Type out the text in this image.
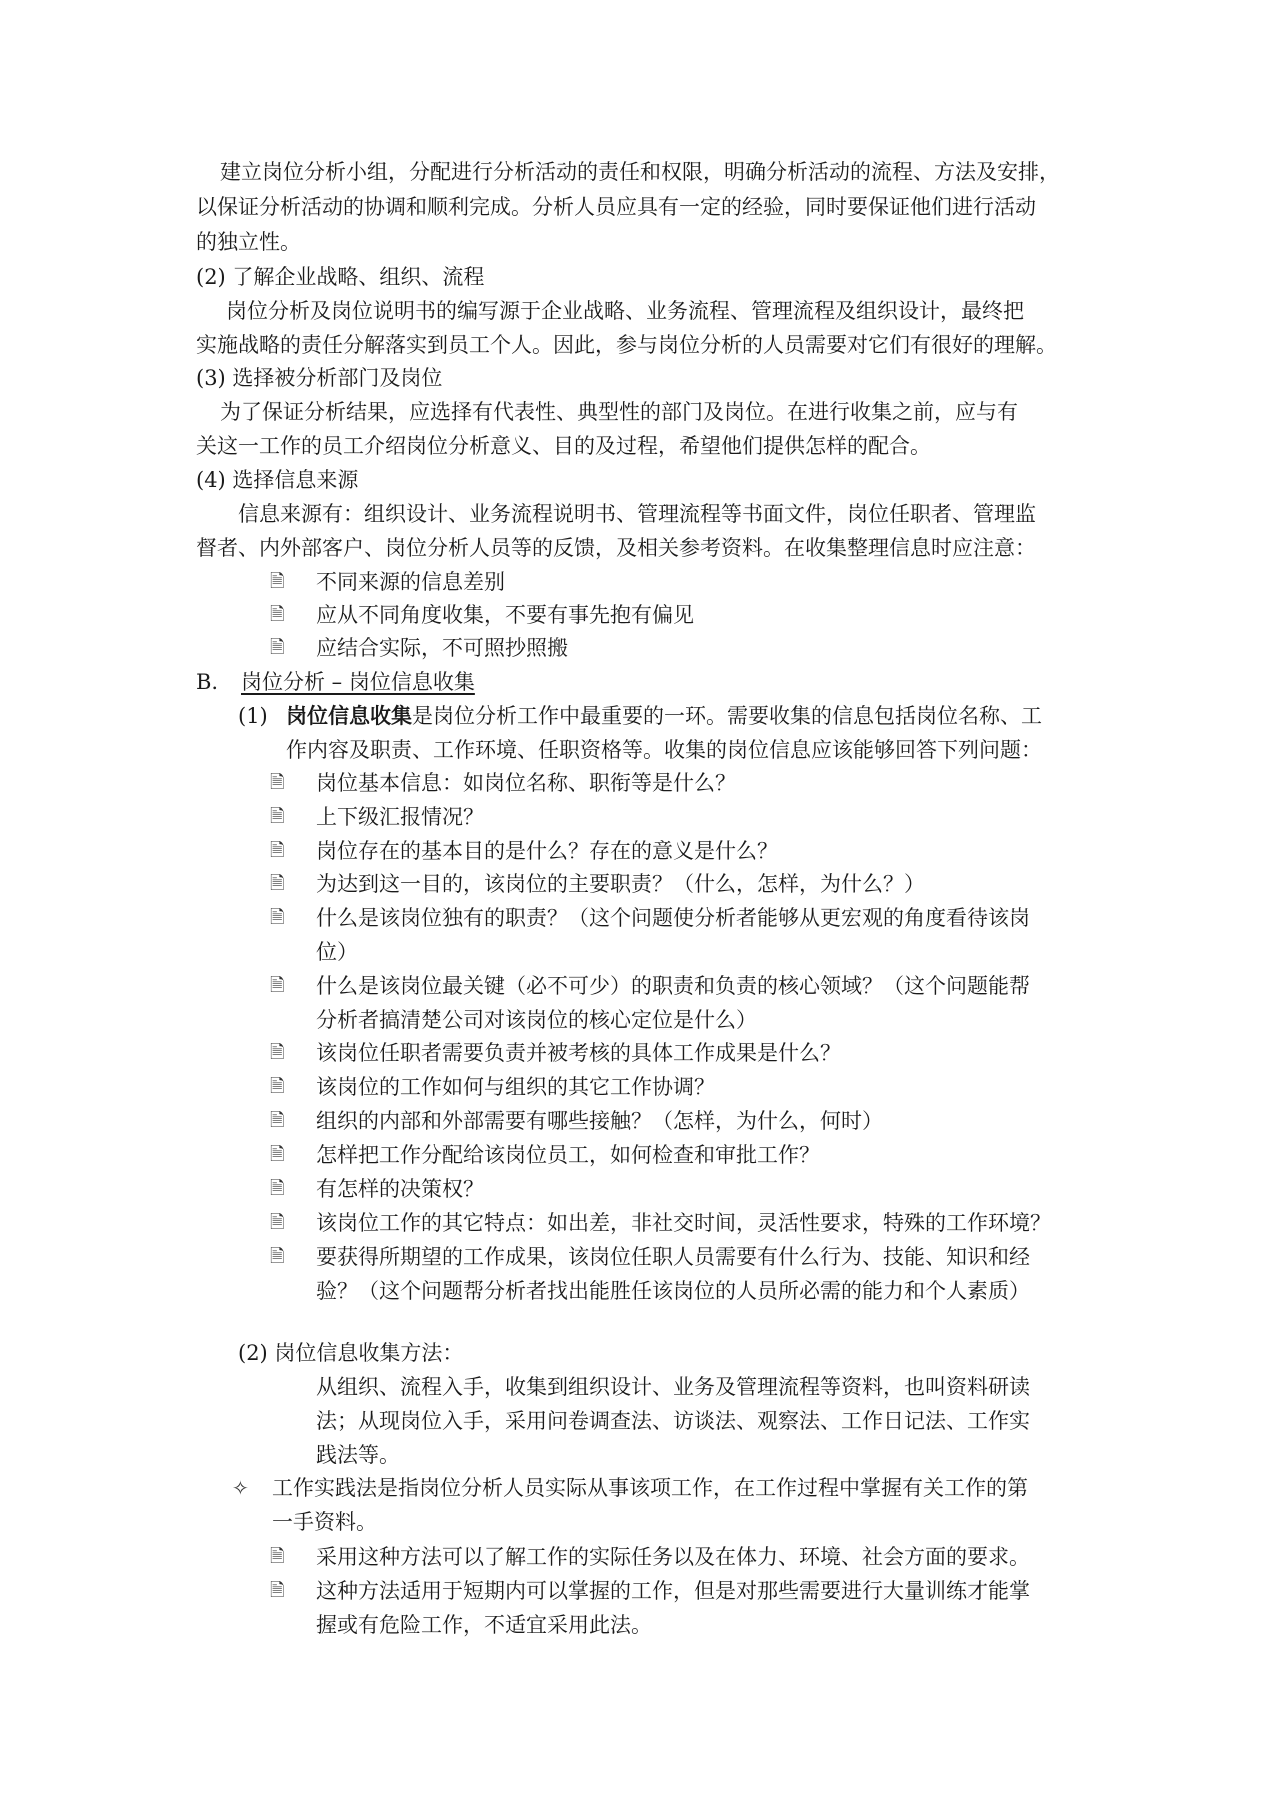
建立岗位分析小组，分配进行分析活动的责任和权限，明确分析活动的流程、方法及安排，
以保证分析活动的协调和顺利完成。分析人员应具有一定的经验，同时要保证他们进行活动
的独立性。
(2) 了解企业战略、组织、流程
岗位分析及岗位说明书的编写源于企业战略、业务流程、管理流程及组织设计，最终把
实施战略的责任分解落实到员工个人。因此，参与岗位分析的人员需要对它们有很好的理解。
(3) 选择被分析部门及岗位
为了保证分析结果，应选择有代表性、典型性的部门及岗位。在进行收集之前，应与有
关这一工作的员工介绍岗位分析意义、目的及过程，希望他们提供怎样的配合。
(4) 选择信息来源
信息来源有：组织设计、业务流程说明书、管理流程等书面文件，岗位任职者、管理监
督者、内外部客户、岗位分析人员等的反馈，及相关参考资料。在收集整理信息时应注意：
🗎 不同来源的信息差别
🗎 应从不同角度收集，不要有事先抱有偏见
🗎 应结合实际，不可照抄照搬
B. 岗位分析 – 岗位信息收集
(1) 岗位信息收集是岗位分析工作中最重要的一环。需要收集的信息包括岗位名称、工
作内容及职责、工作环境、任职资格等。收集的岗位信息应该能够回答下列问题：
🗎 岗位基本信息：如岗位名称、职衔等是什么？
🗎 上下级汇报情况？
🗎 岗位存在的基本目的是什么？存在的意义是什么？
🗎 为达到这一目的，该岗位的主要职责？（什么，怎样，为什么？）
🗎 什么是该岗位独有的职责？（这个问题使分析者能够从更宏观的角度看待该岗
位）
🗎 什么是该岗位最关键（必不可少）的职责和负责的核心领域？（这个问题能帮
分析者搞清楚公司对该岗位的核心定位是什么）
🗎 该岗位任职者需要负责并被考核的具体工作成果是什么？
🗎 该岗位的工作如何与组织的其它工作协调？
🗎 组织的内部和外部需要有哪些接触？（怎样，为什么，何时）
🗎 怎样把工作分配给该岗位员工，如何检查和审批工作？
🗎 有怎样的决策权？
🗎 该岗位工作的其它特点：如出差，非社交时间，灵活性要求，特殊的工作环境？
🗎 要获得所期望的工作成果，该岗位任职人员需要有什么行为、技能、知识和经
验？（这个问题帮分析者找出能胜任该岗位的人员所必需的能力和个人素质）
(2) 岗位信息收集方法：
从组织、流程入手，收集到组织设计、业务及管理流程等资料，也叫资料研读
法；从现岗位入手，采用问卷调查法、访谈法、观察法、工作日记法、工作实
践法等。
✧ 工作实践法是指岗位分析人员实际从事该项工作，在工作过程中掌握有关工作的第
一手资料。
🗎 采用这种方法可以了解工作的实际任务以及在体力、环境、社会方面的要求。
🗎 这种方法适用于短期内可以掌握的工作，但是对那些需要进行大量训练才能掌
握或有危险工作，不适宜采用此法。
